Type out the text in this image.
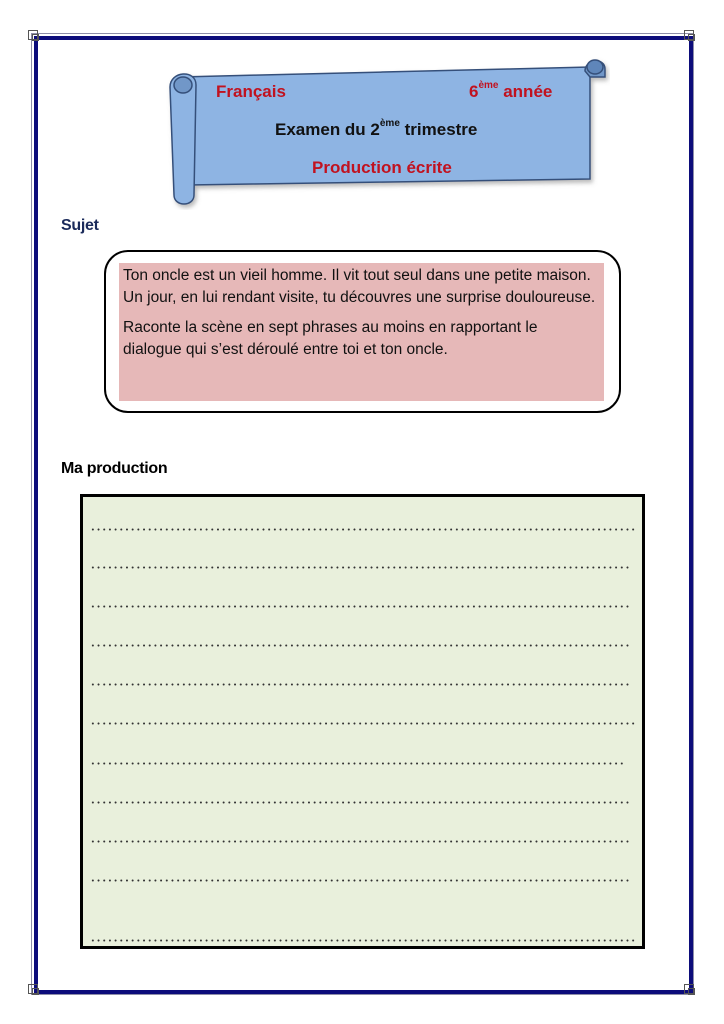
Français	6ème année
Examen du 2ème trimestre
Production écrite
Sujet

Ton oncle est un vieil homme. Il vit tout seul dans une petite maison. Un jour, en lui rendant visite, tu découvres une surprise douloureuse.

Raconte la scène en sept phrases au moins en rapportant le dialogue qui s’est déroulé entre toi et ton oncle.

Ma production
